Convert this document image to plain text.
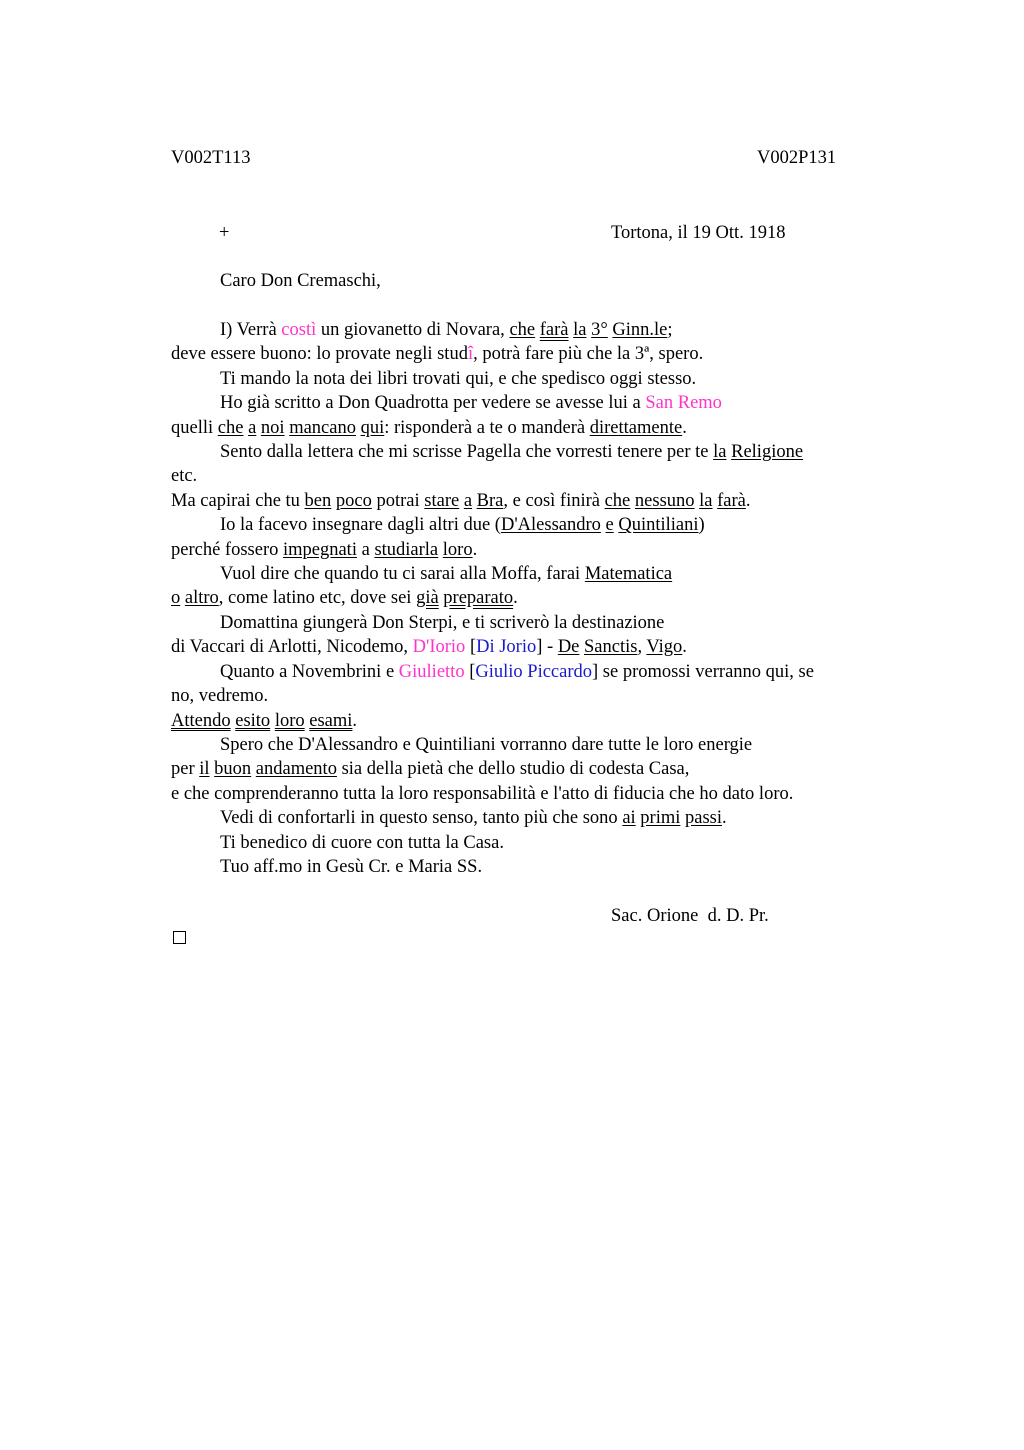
V002T113	V002P131
+	Tortona, il 19 Ott. 1918
Caro Don Cremaschi,
I) Verrà costì un giovanetto di Novara, che farà la 3° Ginn.le;
deve essere buono: lo provate negli studî, potrà fare più che la 3ª, spero.
Ti mando la nota dei libri trovati qui, e che spedisco oggi stesso.
Ho già scritto a Don Quadrotta per vedere se avesse lui a San Remo
quelli che a noi mancano qui: risponderà a te o manderà direttamente.
Sento dalla lettera che mi scrisse Pagella che vorresti tenere per te la Religione
etc.
Ma capirai che tu ben poco potrai stare a Bra, e così finirà che nessuno la farà.
Io la facevo insegnare dagli altri due (D'Alessandro e Quintiliani)
perché fossero impegnati a studiarla loro.
Vuol dire che quando tu ci sarai alla Moffa, farai Matematica
o altro, come latino etc, dove sei già preparato.
Domattina giungerà Don Sterpi, e ti scriverò la destinazione
di Vaccari di Arlotti, Nicodemo, D'Iorio [Di Jorio] - De Sanctis, Vigo.
Quanto a Novembrini e Giulietto [Giulio Piccardo] se promossi verranno qui, se
no, vedremo.
Attendo esito loro esami.
Spero che D'Alessandro e Quintiliani vorranno dare tutte le loro energie
per il buon andamento sia della pietà che dello studio di codesta Casa,
e che comprenderanno tutta la loro responsabilità e l'atto di fiducia che ho dato loro.
Vedi di confortarli in questo senso, tanto più che sono ai primi passi.
Ti benedico di cuore con tutta la Casa.
Tuo aff.mo in Gesù Cr. e Maria SS.
Sac. Orione  d. D. Pr.
